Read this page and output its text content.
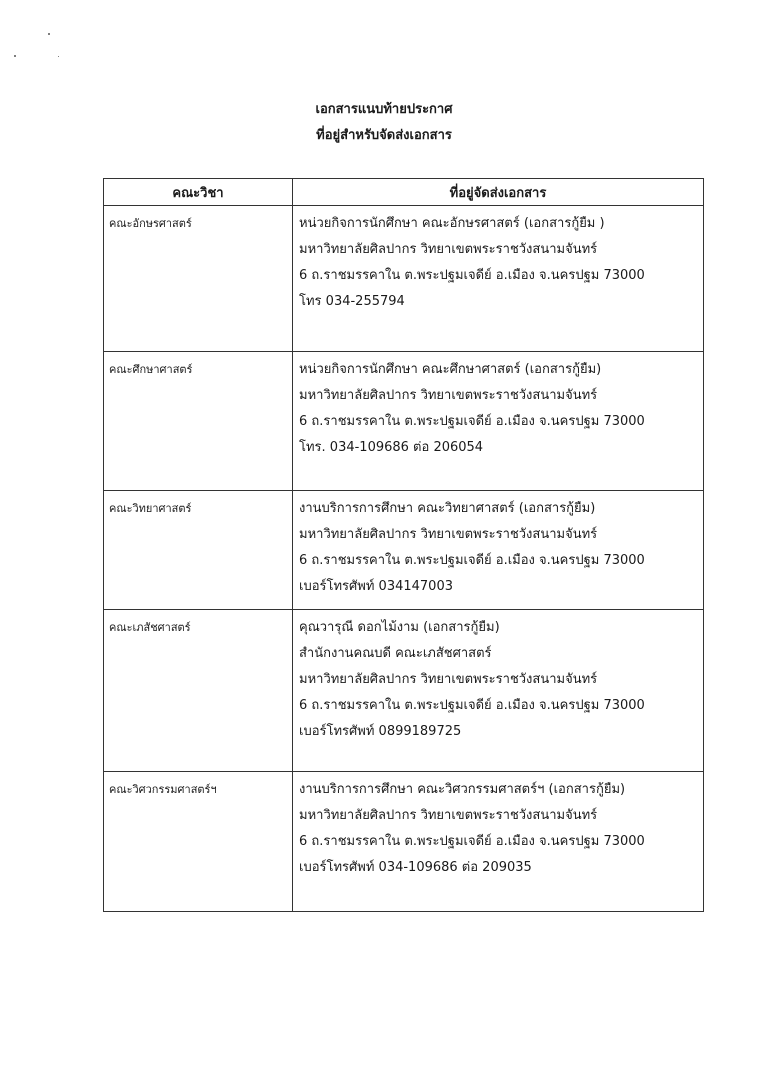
เอกสารแนบท้ายประกาศ
ที่อยู่สำหรับจัดส่งเอกสาร
คณะวิชา	ที่อยู่จัดส่งเอกสาร
คณะอักษรศาสตร์	หน่วยกิจการนักศึกษา คณะอักษรศาสตร์ (เอกสารกู้ยืม )
มหาวิทยาลัยศิลปากร วิทยาเขตพระราชวังสนามจันทร์
6 ถ.ราชมรรคาใน ต.พระปฐมเจดีย์ อ.เมือง จ.นครปฐม 73000
โทร 034-255794

คณะศึกษาศาสตร์	หน่วยกิจการนักศึกษา คณะศึกษาศาสตร์ (เอกสารกู้ยืม)
มหาวิทยาลัยศิลปากร วิทยาเขตพระราชวังสนามจันทร์
6 ถ.ราชมรรคาใน ต.พระปฐมเจดีย์ อ.เมือง จ.นครปฐม 73000
โทร. 034-109686 ต่อ 206054

คณะวิทยาศาสตร์	งานบริการการศึกษา คณะวิทยาศาสตร์ (เอกสารกู้ยืม)
มหาวิทยาลัยศิลปากร วิทยาเขตพระราชวังสนามจันทร์
6 ถ.ราชมรรคาใน ต.พระปฐมเจดีย์ อ.เมือง จ.นครปฐม 73000
เบอร์โทรศัพท์ 034147003

คณะเภสัชศาสตร์	คุณวารุณี ดอกไม้งาม (เอกสารกู้ยืม)
สำนักงานคณบดี คณะเภสัชศาสตร์
มหาวิทยาลัยศิลปากร วิทยาเขตพระราชวังสนามจันทร์
6 ถ.ราชมรรคาใน ต.พระปฐมเจดีย์ อ.เมือง จ.นครปฐม 73000
เบอร์โทรศัพท์ 0899189725

คณะวิศวกรรมศาสตร์ฯ	งานบริการการศึกษา คณะวิศวกรรมศาสตร์ฯ (เอกสารกู้ยืม)
มหาวิทยาลัยศิลปากร วิทยาเขตพระราชวังสนามจันทร์
6 ถ.ราชมรรคาใน ต.พระปฐมเจดีย์ อ.เมือง จ.นครปฐม 73000
เบอร์โทรศัพท์ 034-109686 ต่อ 209035
